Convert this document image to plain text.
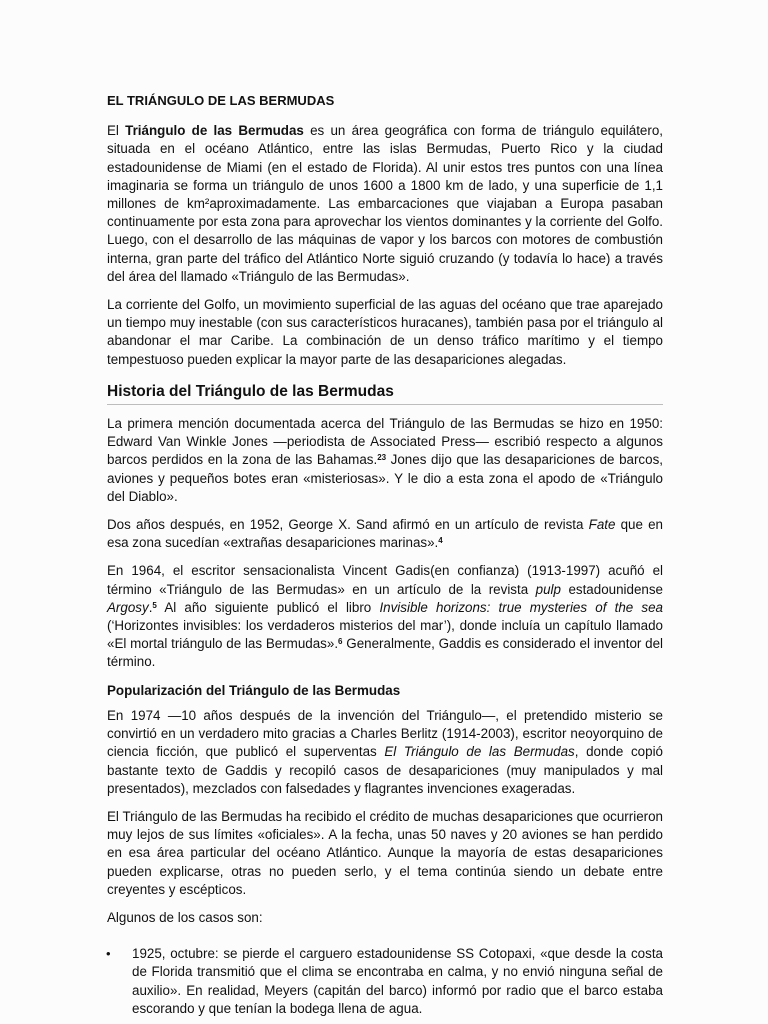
EL TRIÁNGULO DE LAS BERMUDAS

El Triángulo de las Bermudas es un área geográfica con forma de triángulo equilátero, situada en el océano Atlántico, entre las islas Bermudas, Puerto Rico y la ciudad estadounidense de Miami (en el estado de Florida). Al unir estos tres puntos con una línea imaginaria se forma un triángulo de unos 1600 a 1800 km de lado, y una superficie de 1,1 millones de km²aproximadamente. Las embarcaciones que viajaban a Europa pasaban continuamente por esta zona para aprovechar los vientos dominantes y la corriente del Golfo. Luego, con el desarrollo de las máquinas de vapor y los barcos con motores de combustión interna, gran parte del tráfico del Atlántico Norte siguió cruzando (y todavía lo hace) a través del área del llamado «Triángulo de las Bermudas».

La corriente del Golfo, un movimiento superficial de las aguas del océano que trae aparejado un tiempo muy inestable (con sus característicos huracanes), también pasa por el triángulo al abandonar el mar Caribe. La combinación de un denso tráfico marítimo y el tiempo tempestuoso pueden explicar la mayor parte de las desapariciones alegadas.

Historia del Triángulo de las Bermudas

La primera mención documentada acerca del Triángulo de las Bermudas se hizo en 1950: Edward Van Winkle Jones —periodista de Associated Press— escribió respecto a algunos barcos perdidos en la zona de las Bahamas.$^{23}$ Jones dijo que las desapariciones de barcos, aviones y pequeños botes eran «misteriosas». Y le dio a esta zona el apodo de «Triángulo del Diablo».

Dos años después, en 1952, George X. Sand afirmó en un artículo de revista Fate que en esa zona sucedían «extrañas desapariciones marinas».$^4$

En 1964, el escritor sensacionalista Vincent Gadis(en confianza) (1913-1997) acuñó el término «Triángulo de las Bermudas» en un artículo de la revista pulp estadounidense Argosy.$^5$ Al año siguiente publicó el libro Invisible horizons: true mysteries of the sea (‘Horizontes invisibles: los verdaderos misterios del mar’), donde incluía un capítulo llamado «El mortal triángulo de las Bermudas».$^6$ Generalmente, Gaddis es considerado el inventor del término.

Popularización del Triángulo de las Bermudas

En 1974 —10 años después de la invención del Triángulo—, el pretendido misterio se convirtió en un verdadero mito gracias a Charles Berlitz (1914-2003), escritor neoyorquino de ciencia ficción, que publicó el superventas El Triángulo de las Bermudas, donde copió bastante texto de Gaddis y recopiló casos de desapariciones (muy manipulados y mal presentados), mezclados con falsedades y flagrantes invenciones exageradas.

El Triángulo de las Bermudas ha recibido el crédito de muchas desapariciones que ocurrieron muy lejos de sus límites «oficiales». A la fecha, unas 50 naves y 20 aviones se han perdido en esa área particular del océano Atlántico. Aunque la mayoría de estas desapariciones pueden explicarse, otras no pueden serlo, y el tema continúa siendo un debate entre creyentes y escépticos.

Algunos de los casos son:

• 1925, octubre: se pierde el carguero estadounidense SS Cotopaxi, «que desde la costa de Florida transmitió que el clima se encontraba en calma, y no envió ninguna señal de auxilio». En realidad, Meyers (capitán del barco) informó por radio que el barco estaba escorando y que tenían la bodega llena de agua.
